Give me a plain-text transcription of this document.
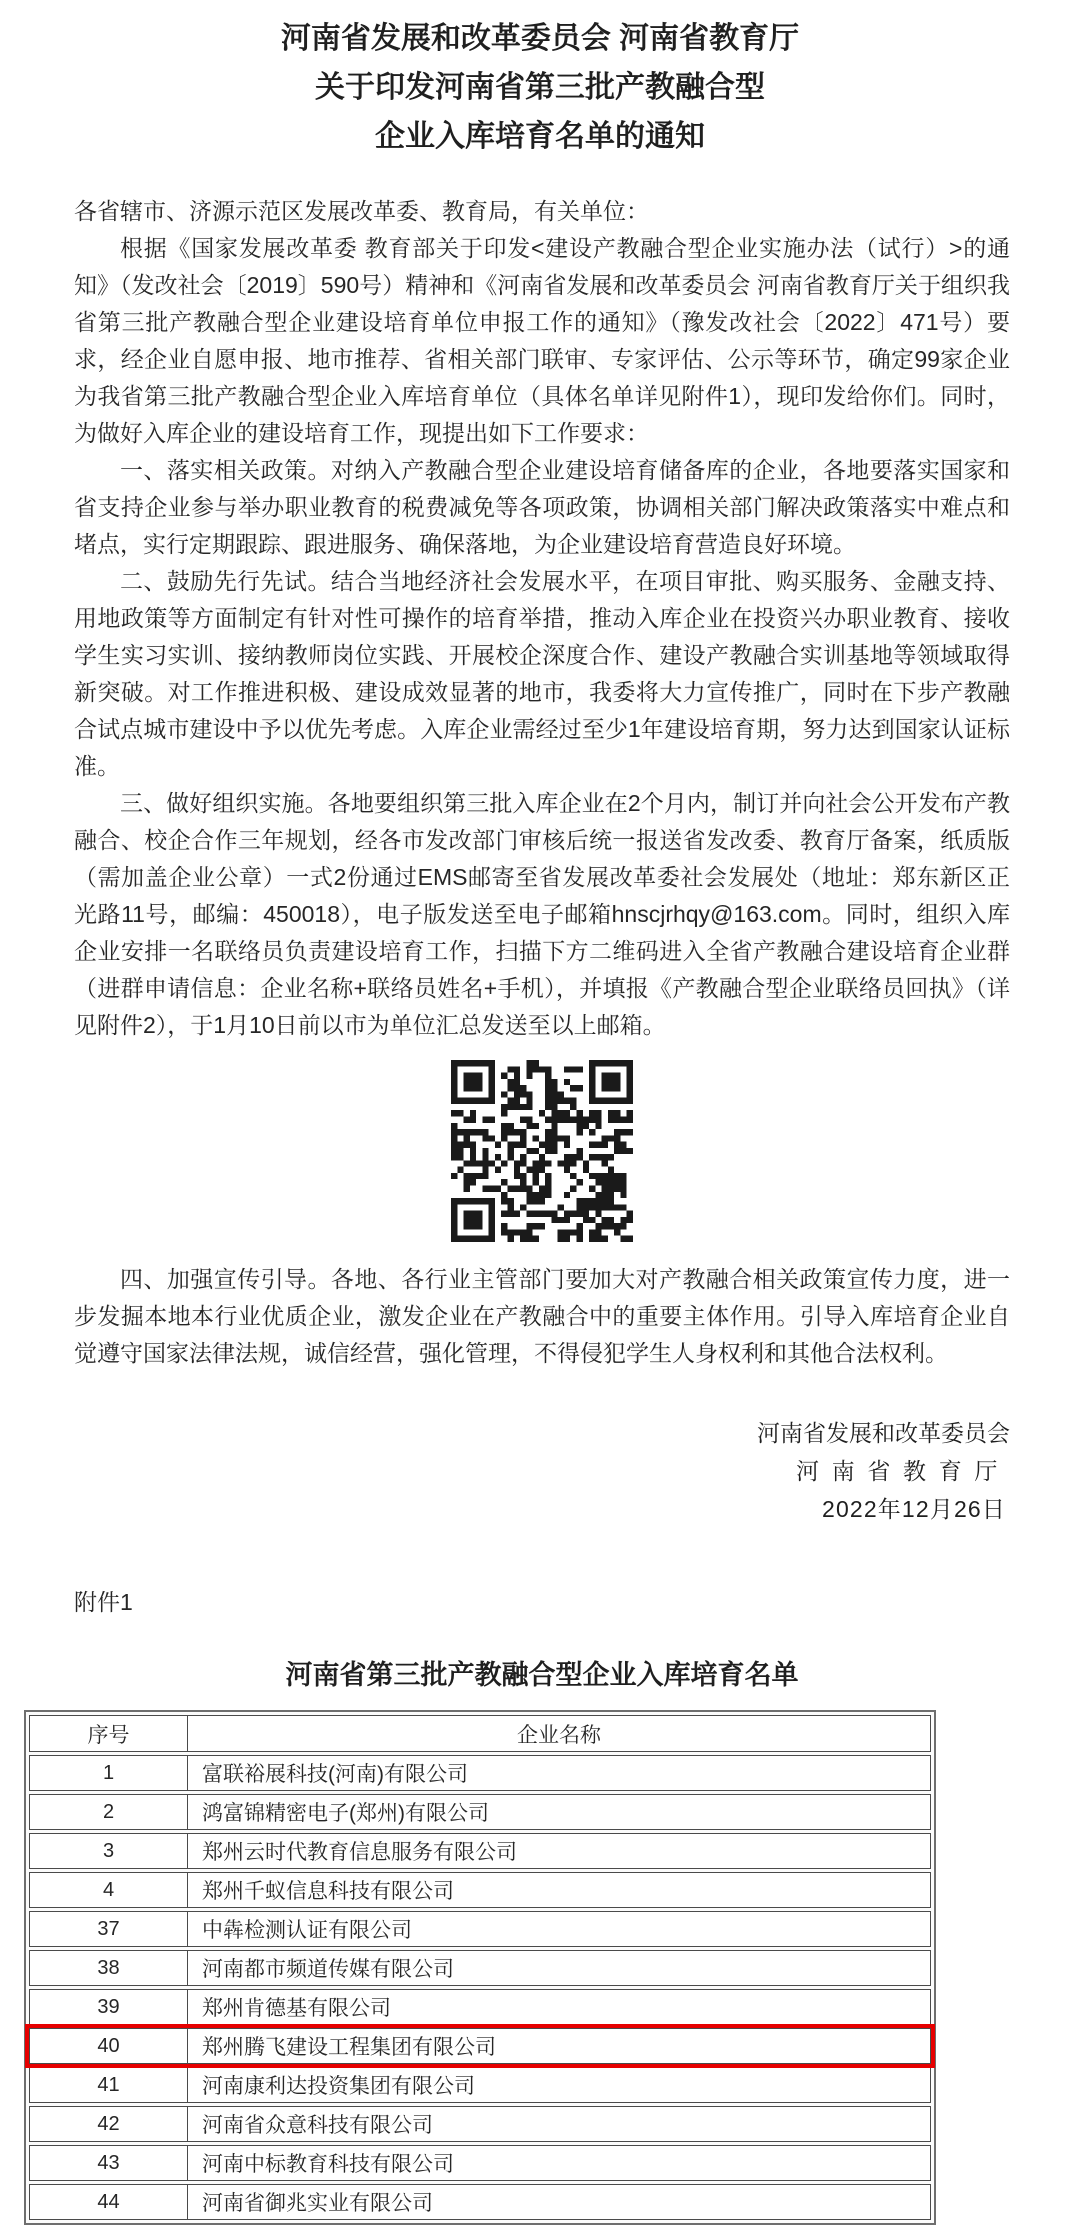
河南省发展和改革委员会 河南省教育厅
关于印发河南省第三批产教融合型
企业入库培育名单的通知
各省辖市、济源示范区发展改革委、教育局，有关单位：

根据《国家发展改革委 教育部关于印发<建设产教融合型企业实施办法（试行）>的通知》（发改社会〔2019〕590号）精神和《河南省发展和改革委员会 河南省教育厅关于组织我省第三批产教融合型企业建设培育单位申报工作的通知》（豫发改社会〔2022〕471号）要求，经企业自愿申报、地市推荐、省相关部门联审、专家评估、公示等环节，确定99家企业为我省第三批产教融合型企业入库培育单位（具体名单详见附件1），现印发给你们。同时，为做好入库企业的建设培育工作，现提出如下工作要求：

一、落实相关政策。对纳入产教融合型企业建设培育储备库的企业，各地要落实国家和省支持企业参与举办职业教育的税费减免等各项政策，协调相关部门解决政策落实中难点和堵点，实行定期跟踪、跟进服务、确保落地，为企业建设培育营造良好环境。

二、鼓励先行先试。结合当地经济社会发展水平，在项目审批、购买服务、金融支持、用地政策等方面制定有针对性可操作的培育举措，推动入库企业在投资兴办职业教育、接收学生实习实训、接纳教师岗位实践、开展校企深度合作、建设产教融合实训基地等领域取得新突破。对工作推进积极、建设成效显著的地市，我委将大力宣传推广，同时在下步产教融合试点城市建设中予以优先考虑。入库企业需经过至少1年建设培育期，努力达到国家认证标准。

三、做好组织实施。各地要组织第三批入库企业在2个月内，制订并向社会公开发布产教融合、校企合作三年规划，经各市发改部门审核后统一报送省发改委、教育厅备案，纸质版（需加盖企业公章）一式2份通过EMS邮寄至省发展改革委社会发展处（地址：郑东新区正光路11号，邮编：450018），电子版发送至电子邮箱hnscjrhqy@163.com。同时，组织入库企业安排一名联络员负责建设培育工作，扫描下方二维码进入全省产教融合建设培育企业群（进群申请信息：企业名称+联络员姓名+手机），并填报《产教融合型企业联络员回执》（详见附件2），于1月10日前以市为单位汇总发送至以上邮箱。

四、加强宣传引导。各地、各行业主管部门要加大对产教融合相关政策宣传力度，进一步发掘本地本行业优质企业，激发企业在产教融合中的重要主体作用。引导入库培育企业自觉遵守国家法律法规，诚信经营，强化管理，不得侵犯学生人身权利和其他合法权利。

河南省发展和改革委员会
河南省教育厅
2022年12月26日
附件1
河南省第三批产教融合型企业入库培育名单
序号	企业名称
1	富联裕展科技(河南)有限公司
2	鸿富锦精密电子(郑州)有限公司
3	郑州云时代教育信息服务有限公司
4	郑州千蚁信息科技有限公司
37	中犇检测认证有限公司
38	河南都市频道传媒有限公司
39	郑州肯德基有限公司
40	郑州腾飞建设工程集团有限公司
41	河南康利达投资集团有限公司
42	河南省众意科技有限公司
43	河南中标教育科技有限公司
44	河南省御兆实业有限公司
